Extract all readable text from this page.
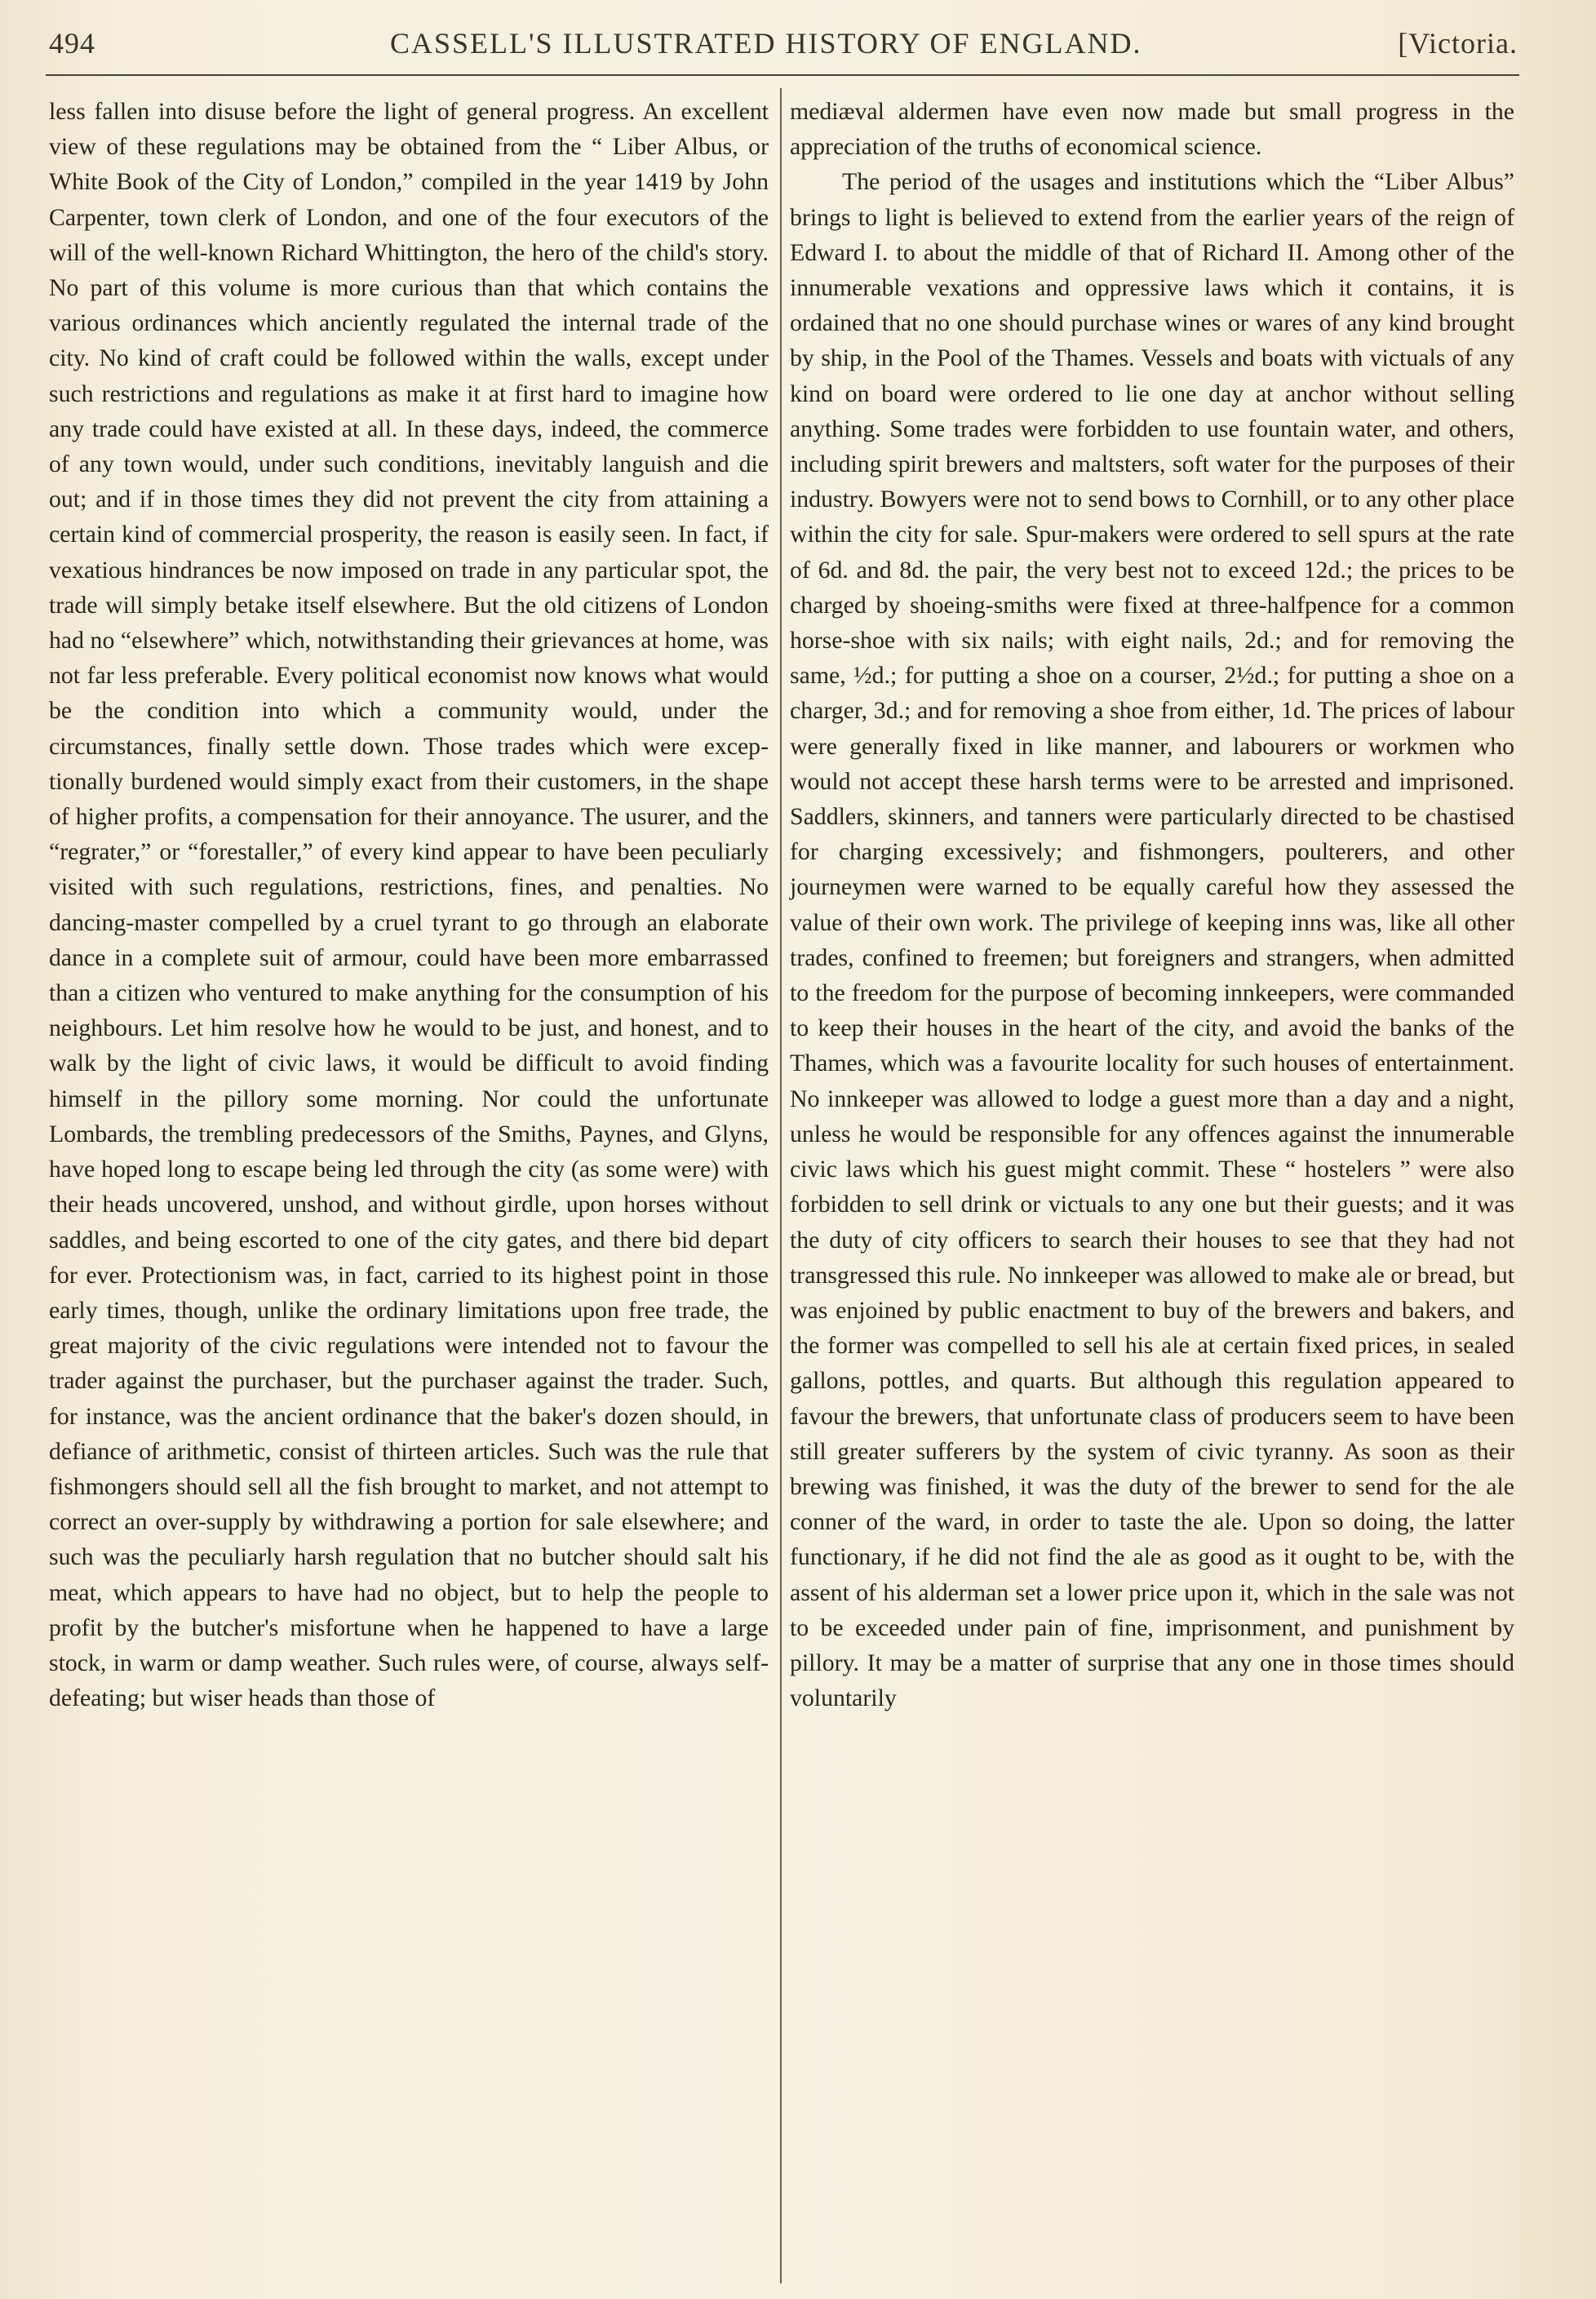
494	CASSELL'S ILLUSTRATED HISTORY OF ENGLAND.	[Victoria.

less fallen into disuse before the light of general progress. An excellent view of these regulations may be obtained from the “ Liber Albus, or White Book of the City of London,” compiled in the year 1419 by John Carpenter, town clerk of London, and one of the four executors of the will of the well-known Richard Whittington, the hero of the child's story. No part of this volume is more curious than that which contains the various ordinances which anciently regulated the internal trade of the city. No kind of craft could be followed within the walls, except under such restrictions and regulations as make it at first hard to imagine how any trade could have existed at all. In these days, indeed, the commerce of any town would, under such conditions, inevitably languish and die out; and if in those times they did not prevent the city from attaining a certain kind of commercial prosperity, the reason is easily seen. In fact, if vexatious hindrances be now imposed on trade in any particular spot, the trade will simply betake itself elsewhere. But the old citizens of London had no “elsewhere” which, notwithstanding their grievances at home, was not far less preferable. Every political economist now knows what would be the condition into which a community would, under the circumstances, finally settle down. Those trades which were exceptionally burdened would simply exact from their customers, in the shape of higher profits, a compensation for their annoyance. The usurer, and the “regrater,” or “forestaller,” of every kind appear to have been peculiarly visited with such regulations, restrictions, fines, and penalties. No dancing-master compelled by a cruel tyrant to go through an elaborate dance in a complete suit of armour, could have been more embarrassed than a citizen who ventured to make anything for the consumption of his neighbours. Let him resolve how he would to be just, and honest, and to walk by the light of civic laws, it would be difficult to avoid finding himself in the pillory some morning. Nor could the unfortunate Lombards, the trembling predecessors of the Smiths, Paynes, and Glyns, have hoped long to escape being led through the city (as some were) with their heads uncovered, unshod, and without girdle, upon horses without saddles, and being escorted to one of the city gates, and there bid depart for ever. Protectionism was, in fact, carried to its highest point in those early times, though, unlike the ordinary limitations upon free trade, the great majority of the civic regulations were intended not to favour the trader against the purchaser, but the purchaser against the trader. Such, for instance, was the ancient ordinance that the baker's dozen should, in defiance of arithmetic, consist of thirteen articles. Such was the rule that fishmongers should sell all the fish brought to market, and not attempt to correct an over-supply by withdrawing a portion for sale elsewhere; and such was the peculiarly harsh regulation that no butcher should salt his meat, which appears to have had no object, but to help the people to profit by the butcher's misfortune when he happened to have a large stock, in warm or damp weather. Such rules were, of course, always self-defeating; but wiser heads than those of

mediæval aldermen have even now made but small progress in the appreciation of the truths of economical science.

The period of the usages and institutions which the “Liber Albus” brings to light is believed to extend from the earlier years of the reign of Edward I. to about the middle of that of Richard II. Among other of the innumerable vexations and oppressive laws which it contains, it is ordained that no one should purchase wines or wares of any kind brought by ship, in the Pool of the Thames. Vessels and boats with victuals of any kind on board were ordered to lie one day at anchor without selling anything. Some trades were forbidden to use fountain water, and others, including spirit brewers and maltsters, soft water for the purposes of their industry. Bowyers were not to send bows to Cornhill, or to any other place within the city for sale. Spur-makers were ordered to sell spurs at the rate of 6d. and 8d. the pair, the very best not to exceed 12d.; the prices to be charged by shoeing-smiths were fixed at three-halfpence for a common horse-shoe with six nails; with eight nails, 2d.; and for removing the same, ½d.; for putting a shoe on a courser, 2½d.; for putting a shoe on a charger, 3d.; and for removing a shoe from either, 1d. The prices of labour were generally fixed in like manner, and labourers or workmen who would not accept these harsh terms were to be arrested and imprisoned. Saddlers, skinners, and tanners were particularly directed to be chastised for charging excessively; and fishmongers, poulterers, and other journeymen were warned to be equally careful how they assessed the value of their own work. The privilege of keeping inns was, like all other trades, confined to freemen; but foreigners and strangers, when admitted to the freedom for the purpose of becoming innkeepers, were commanded to keep their houses in the heart of the city, and avoid the banks of the Thames, which was a favourite locality for such houses of entertainment. No innkeeper was allowed to lodge a guest more than a day and a night, unless he would be responsible for any offences against the innumerable civic laws which his guest might commit. These “ hostelers ” were also forbidden to sell drink or victuals to any one but their guests; and it was the duty of city officers to search their houses to see that they had not transgressed this rule. No innkeeper was allowed to make ale or bread, but was enjoined by public enactment to buy of the brewers and bakers, and the former was compelled to sell his ale at certain fixed prices, in sealed gallons, pottles, and quarts. But although this regulation appeared to favour the brewers, that unfortunate class of producers seem to have been still greater sufferers by the system of civic tyranny. As soon as their brewing was finished, it was the duty of the brewer to send for the ale conner of the ward, in order to taste the ale. Upon so doing, the latter functionary, if he did not find the ale as good as it ought to be, with the assent of his alderman set a lower price upon it, which in the sale was not to be exceeded under pain of fine, imprisonment, and punishment by pillory. It may be a matter of surprise that any one in those times should voluntarily
